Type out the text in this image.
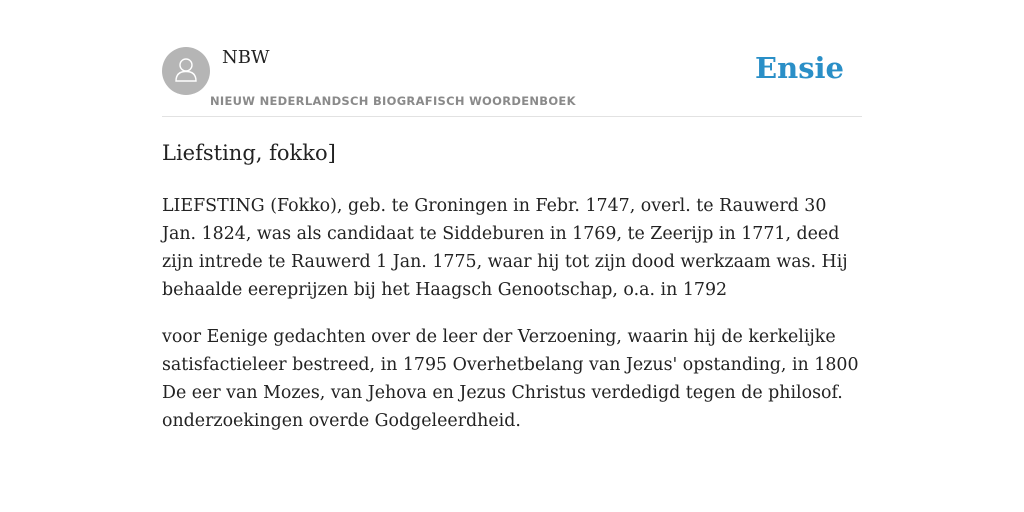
NBW
NIEUW NEDERLANDSCH BIOGRAFISCH WOORDENBOEK
Ensie
Liefsting, fokko]

LIEFSTING (Fokko), geb. te Groningen in Febr. 1747, overl. te Rauwerd 30 Jan. 1824, was als candidaat te Siddeburen in 1769, te Zeerijp in 1771, deed zijn intrede te Rauwerd 1 Jan. 1775, waar hij tot zijn dood werkzaam was. Hij behaalde eereprijzen bij het Haagsch Genootschap, o.a. in 1792

voor Eenige gedachten over de leer der Verzoening, waarin hij de kerkelijke satisfactieleer bestreed, in 1795 Overhetbelang van Jezus' opstanding, in 1800 De eer van Mozes, van Jehova en Jezus Christus verdedigd tegen de philosof. onderzoekingen overde Godgeleerdheid.
